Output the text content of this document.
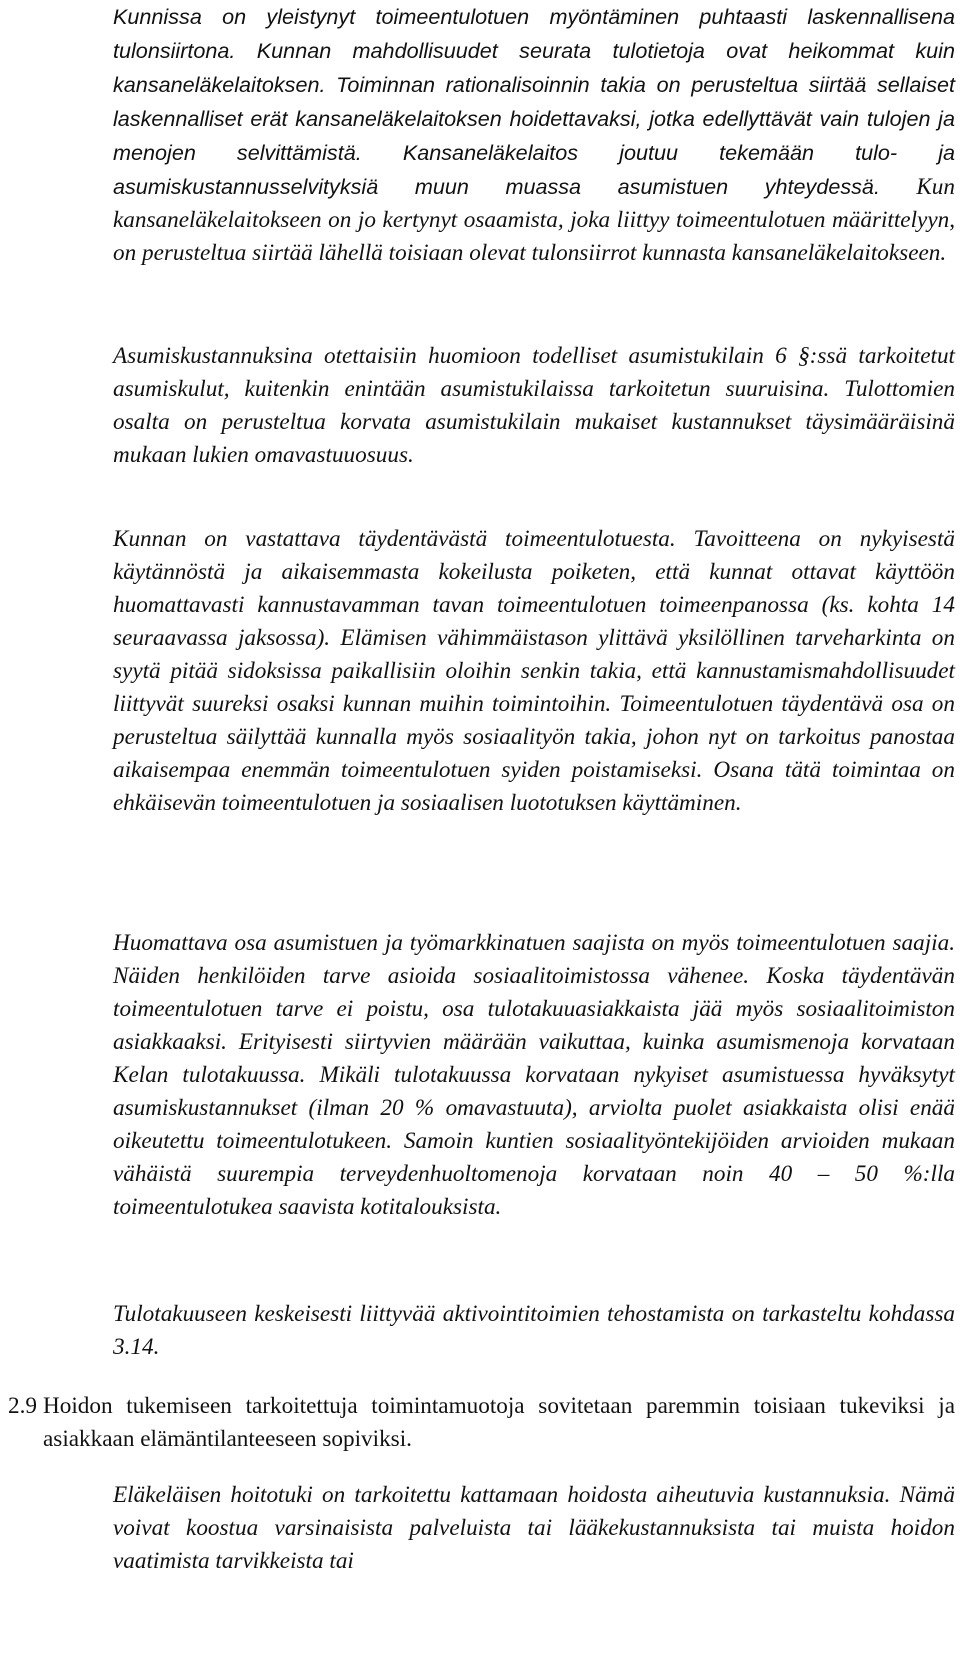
Kunnissa on yleistynyt toimeentulotuen myöntäminen puhtaasti laskennallisena tulonsiirtona. Kunnan mahdollisuudet seurata tulotietoja ovat heikommat kuin kansaneläkelaitoksen. Toiminnan rationalisoinnin takia on perusteltua siirtää sellaiset laskennalliset erät kansaneläkelaitoksen hoidettavaksi, jotka edellyttävät vain tulojen ja menojen selvittämistä. Kansaneläkelaitos joutuu tekemään tulo- ja asumiskustannusselvityksiä muun muassa asumistuen yhteydessä. Kun kansaneläkelaitokseen on jo kertynyt osaamista, joka liittyy toimeentulotuen määrittelyyn, on perusteltua siirtää lähellä toisiaan olevat tulonsiirrot kunnasta kansaneläkelaitokseen.

Asumiskustannuksina otettaisiin huomioon todelliset asumistukilain 6 §:ssä tarkoitetut asumiskulut, kuitenkin enintään asumistukilaissa tarkoitetun suuruisina. Tulottomien osalta on perusteltua korvata asumistukilain mukaiset kustannukset täysimääräisinä mukaan lukien omavastuuosuus.

Kunnan on vastattava täydentävästä toimeentulotuesta. Tavoitteena on nykyisestä käytännöstä ja aikaisemmasta kokeilusta poiketen, että kunnat ottavat käyttöön huomattavasti kannustavamman tavan toimeentulotuen toimeenpanossa (ks. kohta 14 seuraavassa jaksossa). Elämisen vähimmäistason ylittävä yksilöllinen tarveharkinta on syytä pitää sidoksissa paikallisiin oloihin senkin takia, että kannustamismahdollisuudet liittyvät suureksi osaksi kunnan muihin toimintoihin. Toimeentulotuen täydentävä osa on perusteltua säilyttää kunnalla myös sosiaalityön takia, johon nyt on tarkoitus panostaa aikaisempaa enemmän toimeentulotuen syiden poistamiseksi. Osana tätä toimintaa on ehkäisevän toimeentulotuen ja sosiaalisen luototuksen käyttäminen.

Huomattava osa asumistuen ja työmarkkinatuen saajista on myös toimeentulotuen saajia. Näiden henkilöiden tarve asioida sosiaalitoimistossa vähenee. Koska täydentävän toimeentulotuen tarve ei poistu, osa tulotakuuasiakkaista jää myös sosiaalitoimiston asiakkaaksi. Erityisesti siirtyvien määrään vaikuttaa, kuinka asumismenoja korvataan Kelan tulotakuussa. Mikäli tulotakuussa korvataan nykyiset asumistuessa hyväksytyt asumiskustannukset (ilman 20 % omavastuuta), arviolta puolet asiakkaista olisi enää oikeutettu toimeentulotukeen. Samoin kuntien sosiaalityöntekijöiden arvioiden mukaan vähäistä suurempia terveydenhuoltomenoja korvataan noin 40 – 50 %:lla toimeentulotukea saavista kotitalouksista.

Tulotakuuseen keskeisesti liittyvää aktivointitoimien tehostamista on tarkasteltu kohdassa 3.14.

2.9 Hoidon tukemiseen tarkoitettuja toimintamuotoja sovitetaan paremmin toisiaan tukeviksi ja asiakkaan elämäntilanteeseen sopiviksi.

Eläkeläisen hoitotuki on tarkoitettu kattamaan hoidosta aiheutuvia kustannuksia. Nämä voivat koostua varsinaisista palveluista tai lääkekustannuksista tai muista hoidon vaatimista tarvikkeista tai
